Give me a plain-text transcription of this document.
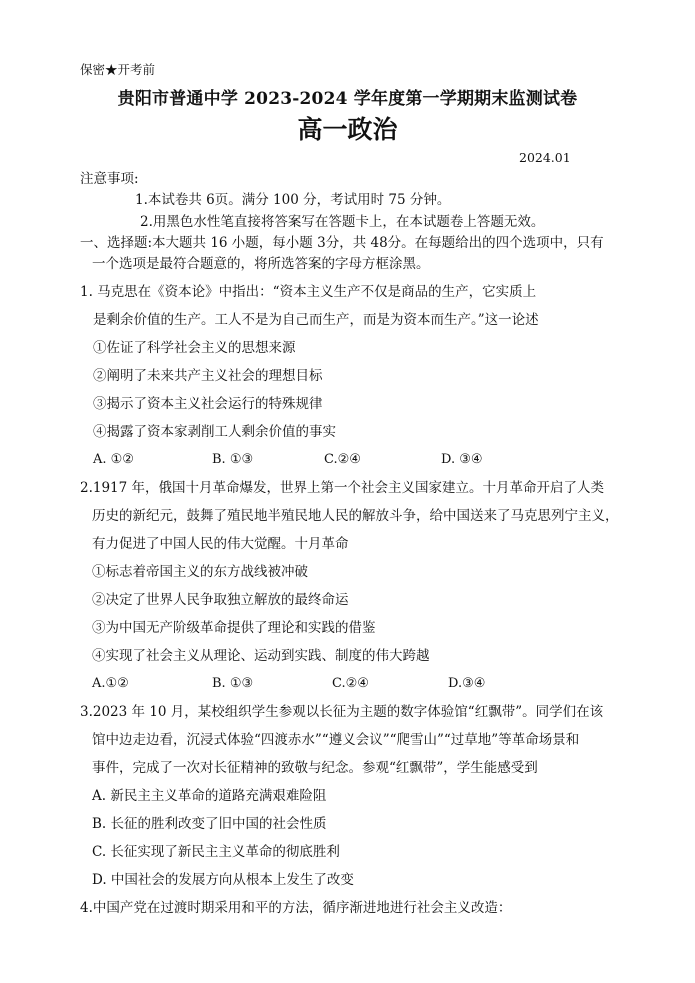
保密★开考前
贵阳市普通中学 2023-2024 学年度第一学期期末监测试卷
高一政治
2024.01
注意事项:
1.本试卷共 6页。满分 100 分，考试用时 75 分钟。
2.用黑色水性笔直接将答案写在答题卡上，在本试题卷上答题无效。
一、选择题:本大题共 16 小题，每小题 3分，共 48分。在每题给出的四个选项中，只有
一个选项是最符合题意的，将所选答案的字母方框涂黑。
1. 马克思在《资本论》中指出：“资本主义生产不仅是商品的生产，它实质上
是剩余价值的生产。工人不是为自己而生产，而是为资本而生产。”这一论述
①佐证了科学社会主义的思想来源
②阐明了未来共产主义社会的理想目标
③揭示了资本主义社会运行的特殊规律
④揭露了资本家剥削工人剩余价值的事实
A. ①②	B. ①③	C.②④	D. ③④
2.1917 年，俄国十月革命爆发，世界上第一个社会主义国家建立。十月革命开启了人类
历史的新纪元，鼓舞了殖民地半殖民地人民的解放斗争，给中国送来了马克思列宁主义，
有力促进了中国人民的伟大觉醒。十月革命
①标志着帝国主义的东方战线被冲破
②决定了世界人民争取独立解放的最终命运
③为中国无产阶级革命提供了理论和实践的借鉴
④实现了社会主义从理论、运动到实践、制度的伟大跨越
A.①②	B. ①③	C.②④	D.③④
3.2023 年 10 月，某校组织学生参观以长征为主题的数字体验馆“红飘带”。同学们在该
馆中边走边看，沉浸式体验“四渡赤水”“遵义会议”“爬雪山”“过草地”等革命场景和
事件，完成了一次对长征精神的致敬与纪念。参观“红飘带”，学生能感受到
A. 新民主主义革命的道路充满艰难险阻
B. 长征的胜利改变了旧中国的社会性质
C. 长征实现了新民主主义革命的彻底胜利
D. 中国社会的发展方向从根本上发生了改变
4.中国产党在过渡时期采用和平的方法，循序渐进地进行社会主义改造：
